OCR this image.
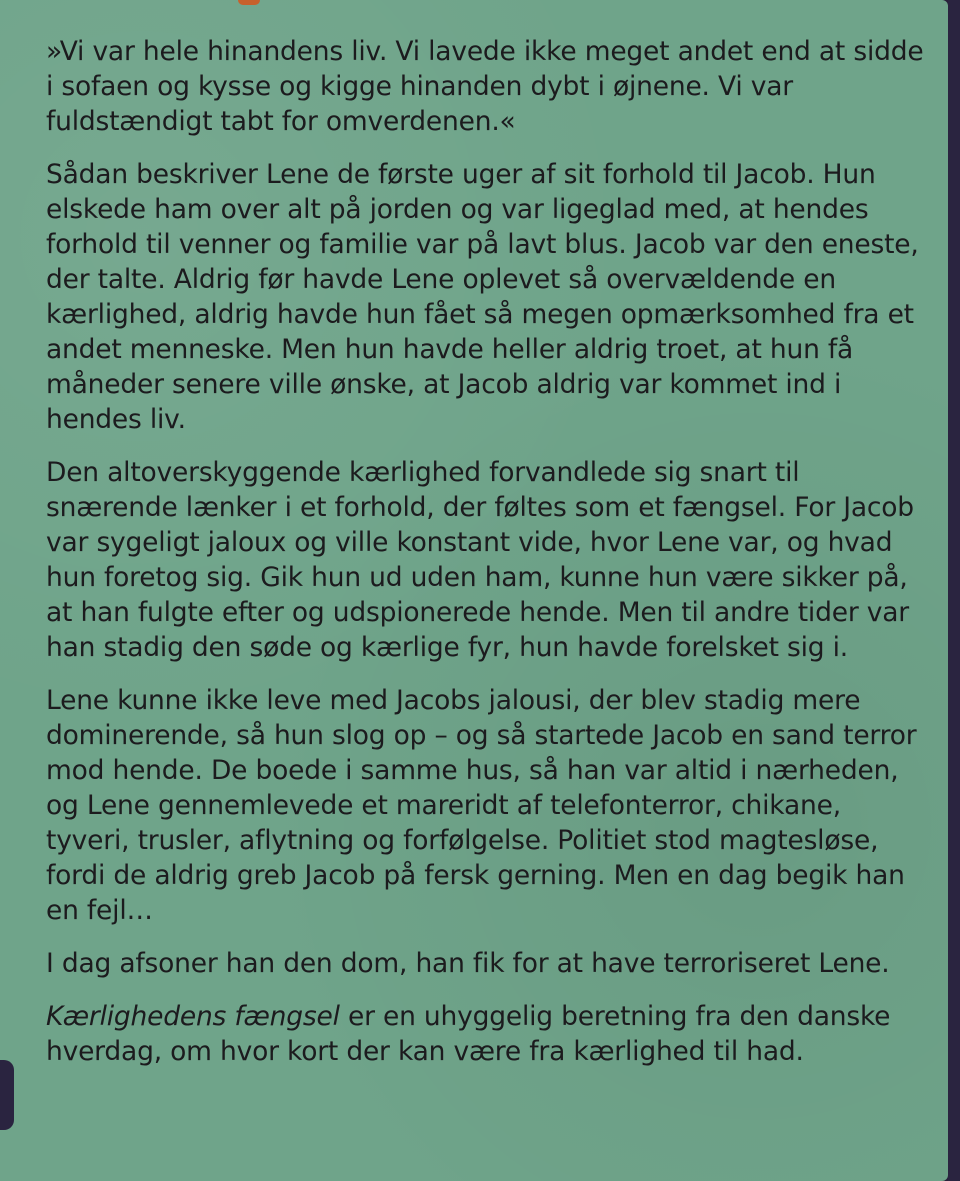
»Vi var hele hinandens liv. Vi lavede ikke meget andet end at sidde i sofaen og kysse og kigge hinanden dybt i øjnene. Vi var fuldstændigt tabt for omverdenen.«

Sådan beskriver Lene de første uger af sit forhold til Jacob. Hun elskede ham over alt på jorden og var ligeglad med, at hendes forhold til venner og familie var på lavt blus. Jacob var den eneste, der talte. Aldrig før havde Lene oplevet så overvældende en kærlighed, aldrig havde hun fået så megen opmærksomhed fra et andet menneske. Men hun havde heller aldrig troet, at hun få måneder senere ville ønske, at Jacob aldrig var kommet ind i hendes liv.

Den altoverskyggende kærlighed forvandlede sig snart til snærende lænker i et forhold, der føltes som et fængsel. For Jacob var sygeligt jaloux og ville konstant vide, hvor Lene var, og hvad hun foretog sig. Gik hun ud uden ham, kunne hun være sikker på, at han fulgte efter og udspionerede hende. Men til andre tider var han stadig den søde og kærlige fyr, hun havde forelsket sig i.

Lene kunne ikke leve med Jacobs jalousi, der blev stadig mere dominerende, så hun slog op – og så startede Jacob en sand terror mod hende. De boede i samme hus, så han var altid i nærheden, og Lene gennemlevede et mareridt af telefonterror, chikane, tyveri, trusler, aflytning og forfølgelse. Politiet stod magtesløse, fordi de aldrig greb Jacob på fersk gerning. Men en dag begik han en fejl…

I dag afsoner han den dom, han fik for at have terroriseret Lene.

Kærlighedens fængsel er en uhyggelig beretning fra den danske hverdag, om hvor kort der kan være fra kærlighed til had.
